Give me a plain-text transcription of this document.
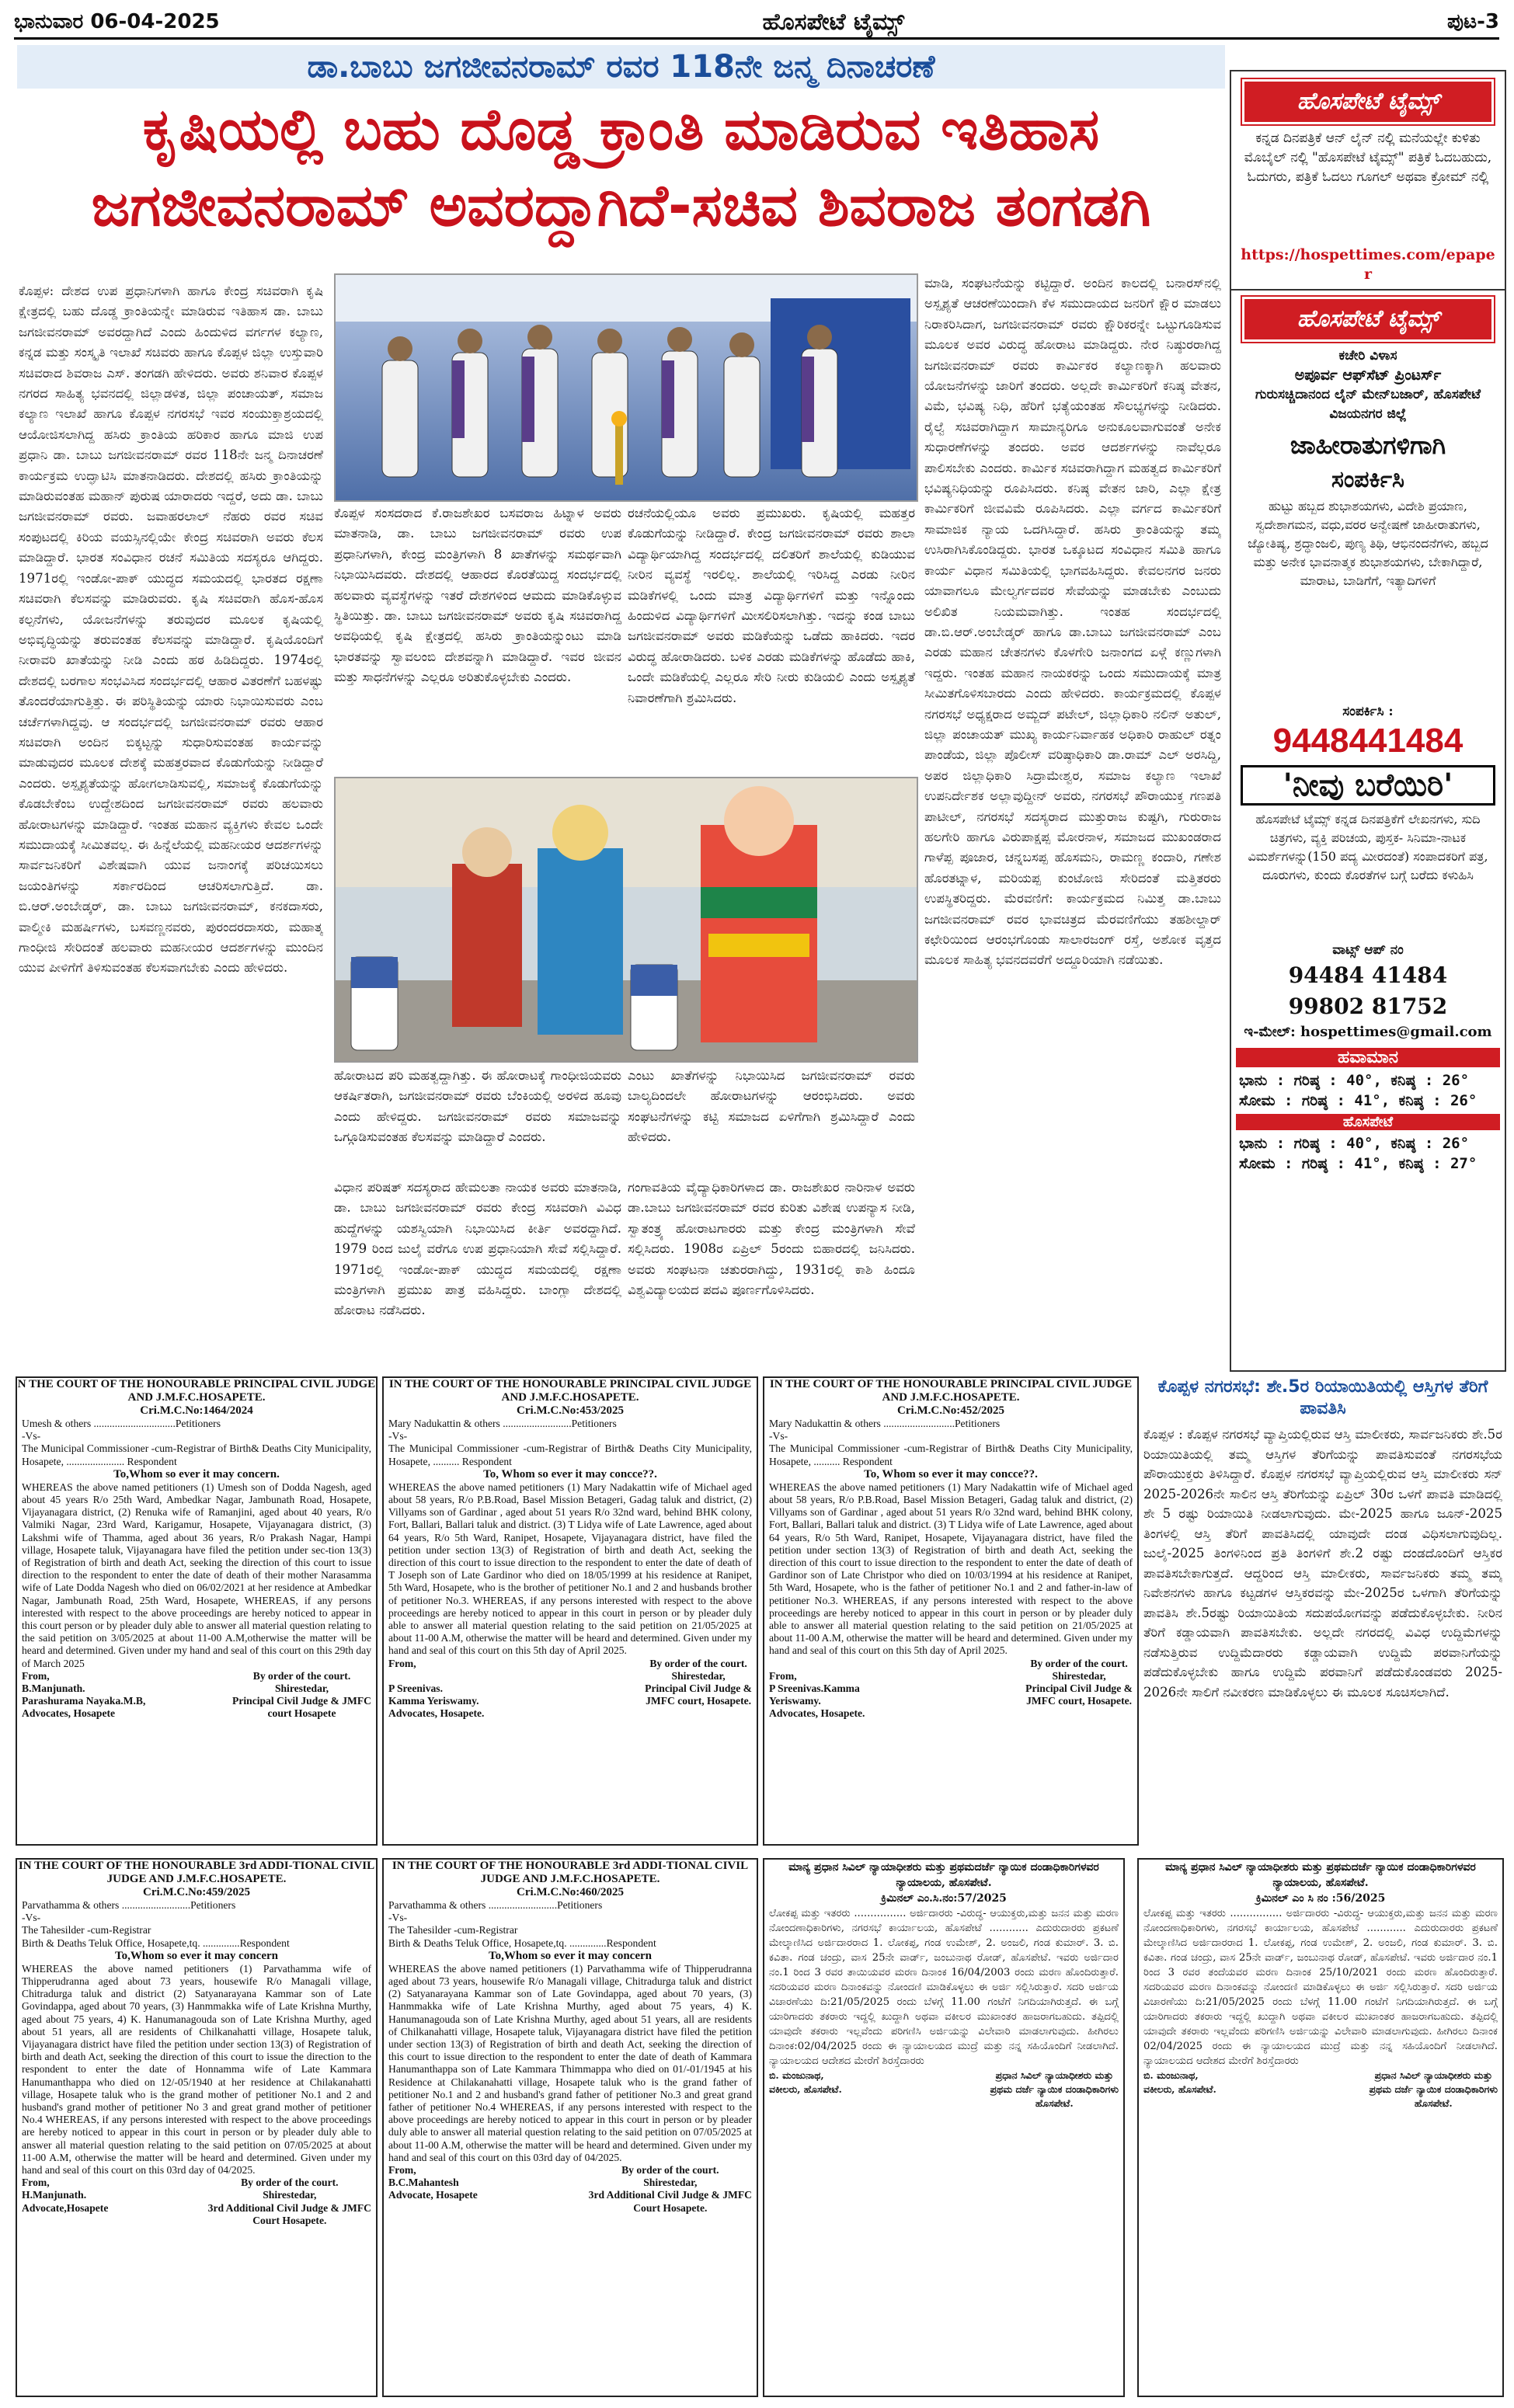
ಭಾನುವಾರ 06-04-2025	ಹೊಸಪೇಟೆ ಟೈಮ್ಸ್	ಪುಟ-3
ಡಾ.ಬಾಬು ಜಗಜೀವನರಾಮ್ ರವರ 118ನೇ ಜನ್ಮ ದಿನಾಚರಣೆ
ಕೃಷಿಯಲ್ಲಿ ಬಹು ದೊಡ್ಡ ಕ್ರಾಂತಿ ಮಾಡಿರುವ ಇತಿಹಾಸ
ಜಗಜೀವನರಾಮ್ ಅವರದ್ದಾಗಿದೆ-ಸಚಿವ ಶಿವರಾಜ ತಂಗಡಗಿ
ಕೊಪ್ಪಳ: ದೇಶದ ಉಪ ಪ್ರಧಾನಿಗಳಾಗಿ ಹಾಗೂ ಕೇಂದ್ರ ಸಚಿವರಾಗಿ ಕೃಷಿ ಕ್ಷೇತ್ರದಲ್ಲಿ ಬಹು ದೊಡ್ಡ ಕ್ರಾಂತಿಯನ್ನೇ ಮಾಡಿರುವ ಇತಿಹಾಸ ಡಾ. ಬಾಬು ಜಗಜೀವನರಾಮ್ ಅವರದ್ದಾಗಿದೆ ಎಂದು ಹಿಂದುಳಿದ ವರ್ಗಗಳ ಕಲ್ಯಾಣ, ಕನ್ನಡ ಮತ್ತು ಸಂಸ್ಕೃತಿ ಇಲಾಖೆ ಸಚಿವರು ಹಾಗೂ ಕೊಪ್ಪಳ ಜಿಲ್ಲಾ ಉಸ್ತುವಾರಿ ಸಚಿವರಾದ ಶಿವರಾಜ ಎಸ್. ತಂಗಡಗಿ ಹೇಳಿದರು. ಅವರು ಶನಿವಾರ ಕೊಪ್ಪಳ ನಗರದ ಸಾಹಿತ್ಯ ಭವನದಲ್ಲಿ ಜಿಲ್ಲಾಡಳಿತ, ಜಿಲ್ಲಾ ಪಂಚಾಯತ್, ಸಮಾಜ ಕಲ್ಯಾಣ ಇಲಾಖೆ ಹಾಗೂ ಕೊಪ್ಪಳ ನಗರಸಭೆ ಇವರ ಸಂಯುಕ್ತಾಶ್ರಯದಲ್ಲಿ ಆಯೋಜಿಸಲಾಗಿದ್ದ ಹಸಿರು ಕ್ರಾಂತಿಯ ಹರಿಕಾರ ಹಾಗೂ ಮಾಜಿ ಉಪ ಪ್ರಧಾನಿ ಡಾ. ಬಾಬು ಜಗಜೀವನರಾಮ್ ರವರ 118ನೇ ಜನ್ಮ ದಿನಾಚರಣೆ ಕಾರ್ಯಕ್ರಮ ಉದ್ಘಾಟಿಸಿ ಮಾತನಾಡಿದರು. ದೇಶದಲ್ಲಿ ಹಸಿರು ಕ್ರಾಂತಿಯನ್ನು ಮಾಡಿರುವಂತಹ ಮಹಾನ್ ಪುರುಷ ಯಾರಾದರು ಇದ್ದರೆ, ಅದು ಡಾ. ಬಾಬು ಜಗಜೀವನರಾಮ್ ರವರು. ಜವಾಹರಲಾಲ್ ನೆಹರು ರವರ ಸಚಿವ ಸಂಪುಟದಲ್ಲಿ ಕಿರಿಯ ವಯಸ್ಸಿನಲ್ಲಿಯೇ ಕೇಂದ್ರ ಸಚಿವರಾಗಿ ಅವರು ಕೆಲಸ ಮಾಡಿದ್ದಾರೆ. ಭಾರತ ಸಂವಿಧಾನ ರಚನೆ ಸಮಿತಿಯ ಸದಸ್ಯರೂ ಆಗಿದ್ದರು. 1971ರಲ್ಲಿ ಇಂಡೋ-ಪಾಕ್ ಯುದ್ಧದ ಸಮಯದಲ್ಲಿ ಭಾರತದ ರಕ್ಷಣಾ ಸಚಿವರಾಗಿ ಕೆಲಸವನ್ನು ಮಾಡಿರುವರು. ಕೃಷಿ ಸಚಿವರಾಗಿ ಹೊಸ-ಹೊಸ ಕಲ್ಪನೆಗಳು, ಯೋಜನೆಗಳನ್ನು ತರುವುದರ ಮೂಲಕ ಕೃಷಿಯಲ್ಲಿ ಅಭಿವೃದ್ಧಿಯನ್ನು ತರುವಂತಹ ಕೆಲಸವನ್ನು ಮಾಡಿದ್ದಾರೆ. ಕೃಷಿಯೊಂದಿಗೆ ನೀರಾವರಿ ಖಾತೆಯನ್ನು ನೀಡಿ ಎಂದು ಹಠ ಹಿಡಿದಿದ್ದರು. 1974ರಲ್ಲಿ ದೇಶದಲ್ಲಿ ಬರಗಾಲ ಸಂಭವಿಸಿದ ಸಂದರ್ಭದಲ್ಲಿ ಆಹಾರ ವಿತರಣೆಗೆ ಬಹಳಷ್ಟು ತೊಂದರೆಯಾಗುತ್ತಿತ್ತು. ಈ ಪರಿಸ್ಥಿತಿಯನ್ನು ಯಾರು ನಿಭಾಯಿಸುವರು ಎಂಬ ಚರ್ಚೆಗಳಾಗಿದ್ದವು. ಆ ಸಂದರ್ಭದಲ್ಲಿ ಜಗಜೀವನರಾಮ್ ರವರು ಆಹಾರ ಸಚಿವರಾಗಿ ಅಂದಿನ ಬಿಕ್ಕಟ್ಟನ್ನು ಸುಧಾರಿಸುವಂತಹ ಕಾರ್ಯವನ್ನು ಮಾಡುವುದರ ಮೂಲಕ ದೇಶಕ್ಕೆ ಮಹತ್ತರವಾದ ಕೊಡುಗೆಯನ್ನು ನೀಡಿದ್ದಾರೆ ಎಂದರು. ಅಸ್ಪೃಶ್ಯತೆಯನ್ನು ಹೋಗಲಾಡಿಸುವಲ್ಲಿ, ಸಮಾಜಕ್ಕೆ ಕೊಡುಗೆಯನ್ನು ಕೊಡಬೇಕೆಂಬ ಉದ್ದೇಶದಿಂದ ಜಗಜೀವನರಾಮ್ ರವರು ಹಲವಾರು ಹೋರಾಟಗಳನ್ನು ಮಾಡಿದ್ದಾರೆ. ಇಂತಹ ಮಹಾನ ವ್ಯಕ್ತಿಗಳು ಕೇವಲ ಒಂದೇ ಸಮುದಾಯಕ್ಕೆ ಸೀಮಿತವಲ್ಲ. ಈ ಹಿನ್ನೆಲೆಯಲ್ಲಿ ಮಹನೀಯರ ಆದರ್ಶಗಳನ್ನು ಸಾರ್ವಜನಿಕರಿಗೆ ವಿಶೇಷವಾಗಿ ಯುವ ಜನಾಂಗಕ್ಕೆ ಪರಿಚಯಿಸಲು ಜಯಂತಿಗಳನ್ನು ಸರ್ಕಾರದಿಂದ ಆಚರಿಸಲಾಗುತ್ತಿದೆ. ಡಾ. ಬಿ.ಆರ್.ಅಂಬೇಡ್ಕರ್, ಡಾ. ಬಾಬು ಜಗಜೀವನರಾಮ್, ಕನಕದಾಸರು, ವಾಲ್ಮೀಕಿ ಮಹರ್ಷಿಗಳು, ಬಸವಣ್ಣನವರು, ಪುರಂದರದಾಸರು, ಮಹಾತ್ಮ ಗಾಂಧೀಜಿ ಸೇರಿದಂತೆ ಹಲವಾರು ಮಹನೀಯರ ಆದರ್ಶಗಳನ್ನು ಮುಂದಿನ ಯುವ ಪೀಳಿಗೆಗೆ ತಿಳಿಸುವಂತಹ ಕೆಲಸವಾಗಬೇಕು ಎಂದು ಹೇಳಿದರು.
ಕೊಪ್ಪಳ ಸಂಸದರಾದ ಕೆ.ರಾಜಶೇಖರ ಬಸವರಾಜ ಹಿಟ್ನಾಳ ಅವರು ಮಾತನಾಡಿ, ಡಾ. ಬಾಬು ಜಗಜೀವನರಾಮ್ ರವರು ಉಪ ಪ್ರಧಾನಿಗಳಾಗಿ, ಕೇಂದ್ರ ಮಂತ್ರಿಗಳಾಗಿ 8 ಖಾತೆಗಳನ್ನು ಸಮರ್ಥವಾಗಿ ನಿಭಾಯಿಸಿದವರು. ದೇಶದಲ್ಲಿ ಆಹಾರದ ಕೊರತೆಯಿದ್ದ ಸಂದರ್ಭದಲ್ಲಿ ಹಲವಾರು ವ್ಯವಸ್ಥೆಗಳನ್ನು ಇತರೆ ದೇಶಗಳಿಂದ ಆಮದು ಮಾಡಿಕೊಳ್ಳುವ ಸ್ಥಿತಿಯಿತ್ತು. ಡಾ. ಬಾಬು ಜಗಜೀವನರಾಮ್ ಅವರು ಕೃಷಿ ಸಚಿವರಾಗಿದ್ದ ಅವಧಿಯಲ್ಲಿ ಕೃಷಿ ಕ್ಷೇತ್ರದಲ್ಲಿ ಹಸಿರು ಕ್ರಾಂತಿಯನ್ನುಂಟು ಮಾಡಿ ಭಾರತವನ್ನು ಸ್ವಾವಲಂಬಿ ದೇಶವನ್ನಾಗಿ ಮಾಡಿದ್ದಾರೆ. ಇವರ ಜೀವನ ಮತ್ತು ಸಾಧನೆಗಳನ್ನು ಎಲ್ಲರೂ ಅರಿತುಕೊಳ್ಳಬೇಕು ಎಂದರು.
ರಚನೆಯಲ್ಲಿಯೂ ಅವರು ಪ್ರಮುಖರು. ಕೃಷಿಯಲ್ಲಿ ಮಹತ್ತರ ಕೊಡುಗೆಯನ್ನು ನೀಡಿದ್ದಾರೆ. ಕೇಂದ್ರ ಜಗಜೀವನರಾಮ್ ರವರು ಶಾಲಾ ವಿದ್ಯಾರ್ಥಿಯಾಗಿದ್ದ ಸಂದರ್ಭದಲ್ಲಿ ದಲಿತರಿಗೆ ಶಾಲೆಯಲ್ಲಿ ಕುಡಿಯುವ ನೀರಿನ ವ್ಯವಸ್ಥೆ ಇರಲಿಲ್ಲ. ಶಾಲೆಯಲ್ಲಿ ಇರಿಸಿದ್ದ ಎರಡು ನೀರಿನ ಮಡಿಕೆಗಳಲ್ಲಿ ಒಂದು ಮಾತ್ರ ವಿದ್ಯಾರ್ಥಿಗಳಿಗೆ ಮತ್ತು ಇನ್ನೊಂದು ಹಿಂದುಳಿದ ವಿದ್ಯಾರ್ಥಿಗಳಿಗೆ ಮೀಸಲಿರಿಸಲಾಗಿತ್ತು. ಇದನ್ನು ಕಂಡ ಬಾಬು ಜಗಜೀವನರಾಮ್ ಅವರು ಮಡಿಕೆಯನ್ನು ಒಡೆದು ಹಾಕಿದರು. ಇದರ ವಿರುದ್ಧ ಹೋರಾಡಿದರು. ಬಳಿಕ ಎರಡು ಮಡಿಕೆಗಳನ್ನು ಹೊಡೆದು ಹಾಕಿ, ಒಂದೇ ಮಡಿಕೆಯಲ್ಲಿ ಎಲ್ಲರೂ ಸೇರಿ ನೀರು ಕುಡಿಯಲಿ ಎಂದು ಅಸ್ಪೃಶ್ಯತೆ ನಿವಾರಣೆಗಾಗಿ ಶ್ರಮಿಸಿದರು.
ಹೋರಾಟದ ಪರಿ ಮಹತ್ವದ್ದಾಗಿತ್ತು. ಈ ಹೋರಾಟಕ್ಕೆ ಗಾಂಧೀಜಿಯವರು ಆಕರ್ಷಿತರಾಗಿ, ಜಗಜೀವನರಾಮ್ ರವರು ಬೆಂಕಿಯಲ್ಲಿ ಅರಳಿದ ಹೂವು ಎಂದು ಹೇಳಿದ್ದರು. ಜಗಜೀವನರಾಮ್ ರವರು ಸಮಾಜವನ್ನು ಒಗ್ಗೂಡಿಸುವಂತಹ ಕೆಲಸವನ್ನು ಮಾಡಿದ್ದಾರೆ ಎಂದರು.
ಎಂಟು ಖಾತೆಗಳನ್ನು ನಿಭಾಯಿಸಿದ ಜಗಜೀವನರಾಮ್ ರವರು ಬಾಲ್ಯದಿಂದಲೇ ಹೋರಾಟಗಳನ್ನು ಆರಂಭಿಸಿದರು. ಅವರು ಸಂಘಟನೆಗಳನ್ನು ಕಟ್ಟಿ ಸಮಾಜದ ಏಳಿಗೆಗಾಗಿ ಶ್ರಮಿಸಿದ್ದಾರೆ ಎಂದು ಹೇಳಿದರು.
ವಿಧಾನ ಪರಿಷತ್ ಸದಸ್ಯರಾದ ಹೇಮಲತಾ ನಾಯಕ ಅವರು ಮಾತನಾಡಿ, ಡಾ. ಬಾಬು ಜಗಜೀವನರಾಮ್ ರವರು ಕೇಂದ್ರ ಸಚಿವರಾಗಿ ವಿವಿಧ ಹುದ್ದೆಗಳನ್ನು ಯಶಸ್ವಿಯಾಗಿ ನಿಭಾಯಿಸಿದ ಕೀರ್ತಿ ಅವರದ್ದಾಗಿದೆ. 1979 ರಿಂದ ಜುಲೈ ವರೆಗೂ ಉಪ ಪ್ರಧಾನಿಯಾಗಿ ಸೇವೆ ಸಲ್ಲಿಸಿದ್ದಾರೆ. 1971ರಲ್ಲಿ ಇಂಡೋ-ಪಾಕ್ ಯುದ್ಧದ ಸಮಯದಲ್ಲಿ ರಕ್ಷಣಾ ಮಂತ್ರಿಗಳಾಗಿ ಪ್ರಮುಖ ಪಾತ್ರ ವಹಿಸಿದ್ದರು. ಬಾಂಗ್ಲಾ ದೇಶದಲ್ಲಿ ಹೋರಾಟ ನಡೆಸಿದರು.
ಗಂಗಾವತಿಯ ವೈದ್ಯಾಧಿಕಾರಿಗಳಾದ ಡಾ. ರಾಜಶೇಖರ ನಾರಿನಾಳ ಅವರು ಡಾ.ಬಾಬು ಜಗಜೀವನರಾಮ್ ರವರ ಕುರಿತು ವಿಶೇಷ ಉಪನ್ಯಾಸ ನೀಡಿ, ಸ್ವಾತಂತ್ರ್ಯ ಹೋರಾಟಗಾರರು ಮತ್ತು ಕೇಂದ್ರ ಮಂತ್ರಿಗಳಾಗಿ ಸೇವೆ ಸಲ್ಲಿಸಿದರು. 1908ರ ಏಪ್ರಿಲ್ 5ರಂದು ಬಿಹಾರದಲ್ಲಿ ಜನಿಸಿದರು. ಅವರು ಸಂಘಟನಾ ಚತುರರಾಗಿದ್ದು, 1931ರಲ್ಲಿ ಕಾಶಿ ಹಿಂದೂ ವಿಶ್ವವಿದ್ಯಾಲಯದ ಪದವಿ ಪೂರ್ಣಗೊಳಿಸಿದರು.
ಮಾಡಿ, ಸಂಘಟನೆಯನ್ನು ಕಟ್ಟಿದ್ದಾರೆ. ಅಂದಿನ ಕಾಲದಲ್ಲಿ ಬನಾರಸ್‌ನಲ್ಲಿ ಅಸ್ಪೃಶ್ಯತೆ ಆಚರಣೆಯಿಂದಾಗಿ ಕೆಳ ಸಮುದಾಯದ ಜನರಿಗೆ ಕ್ಷೌರ ಮಾಡಲು ನಿರಾಕರಿಸಿದಾಗ, ಜಗಜೀವನರಾಮ್ ರವರು ಕ್ಷೌರಿಕರನ್ನೇ ಒಟ್ಟುಗೂಡಿಸುವ ಮೂಲಕ ಅವರ ವಿರುದ್ಧ ಹೋರಾಟ ಮಾಡಿದ್ದರು. ನೇರ ನಿಷ್ಠುರರಾಗಿದ್ದ ಜಗಜೀವನರಾಮ್ ರವರು ಕಾರ್ಮಿಕರ ಕಲ್ಯಾಣಕ್ಕಾಗಿ ಹಲವಾರು ಯೋಜನೆಗಳನ್ನು ಜಾರಿಗೆ ತಂದರು. ಅಲ್ಲದೇ ಕಾರ್ಮಿಕರಿಗೆ ಕನಿಷ್ಠ ವೇತನ, ವಿಮೆ, ಭವಿಷ್ಯ ನಿಧಿ, ಹೆರಿಗೆ ಭತ್ಯೆಯಂತಹ ಸೌಲಭ್ಯಗಳನ್ನು ನೀಡಿದರು. ರೈಲ್ವೆ ಸಚಿವರಾಗಿದ್ದಾಗ ಸಾಮಾನ್ಯರಿಗೂ ಅನುಕೂಲವಾಗುವಂತೆ ಅನೇಕ ಸುಧಾರಣೆಗಳನ್ನು ತಂದರು. ಅವರ ಆದರ್ಶಗಳನ್ನು ನಾವೆಲ್ಲರೂ ಪಾಲಿಸಬೇಕು ಎಂದರು. ಕಾರ್ಮಿಕ ಸಚಿವರಾಗಿದ್ದಾಗ ಮಹತ್ವದ ಕಾರ್ಮಿಕರಿಗೆ ಭವಿಷ್ಯನಿಧಿಯನ್ನು ರೂಪಿಸಿದರು. ಕನಿಷ್ಠ ವೇತನ ಜಾರಿ, ಎಲ್ಲಾ ಕ್ಷೇತ್ರ ಕಾರ್ಮಿಕರಿಗೆ ಜೀವವಿಮೆ ರೂಪಿಸಿದರು. ಎಲ್ಲಾ ವರ್ಗದ ಕಾರ್ಮಿಕರಿಗೆ ಸಾಮಾಜಿಕ ನ್ಯಾಯ ಒದಗಿಸಿದ್ದಾರೆ. ಹಸಿರು ಕ್ರಾಂತಿಯನ್ನು ತಮ್ಮ ಉಸಿರಾಗಿಸಿಕೊಂಡಿದ್ದರು. ಭಾರತ ಒಕ್ಕೂಟದ ಸಂವಿಧಾನ ಸಮಿತಿ ಹಾಗೂ ಕಾರ್ಯ ವಿಧಾನ ಸಮಿತಿಯಲ್ಲಿ ಭಾಗವಹಿಸಿದ್ದರು. ಕೇವಲನಗರ ಜನರು ಯಾವಾಗಲೂ ಮೇಲ್ವರ್ಗದವರ ಸೇವೆಯನ್ನು ಮಾಡಬೇಕು ಎಂಬುದು ಅಲಿಖಿತ ನಿಯಮವಾಗಿತ್ತು. ಇಂತಹ ಸಂದರ್ಭದಲ್ಲಿ ಡಾ.ಬಿ.ಆರ್.ಅಂಬೇಡ್ಕರ್ ಹಾಗೂ ಡಾ.ಬಾಬು ಜಗಜೀವನರಾಮ್ ಎಂಬ ಎರಡು ಮಹಾನ ಚೇತನಗಳು ಕೊಳಗೇರಿ ಜನಾಂಗದ ಏಳ್ಗೆ ಕಣ್ಣುಗಳಾಗಿ ಇದ್ದರು. ಇಂತಹ ಮಹಾನ ನಾಯಕರನ್ನು ಒಂದು ಸಮುದಾಯಕ್ಕೆ ಮಾತ್ರ ಸೀಮಿತಗೊಳಿಸಬಾರದು ಎಂದು ಹೇಳಿದರು. ಕಾರ್ಯಕ್ರಮದಲ್ಲಿ ಕೊಪ್ಪಳ ನಗರಸಭೆ ಅಧ್ಯಕ್ಷರಾದ ಅಮ್ಜದ್ ಪಟೇಲ್, ಜಿಲ್ಲಾಧಿಕಾರಿ ನಲಿನ್ ಅತುಲ್, ಜಿಲ್ಲಾ ಪಂಚಾಯತ್ ಮುಖ್ಯ ಕಾರ್ಯನಿರ್ವಾಹಕ ಅಧಿಕಾರಿ ರಾಹುಲ್ ರತ್ನಂ ಪಾಂಡೆಯ, ಜಿಲ್ಲಾ ಪೊಲೀಸ್ ವರಿಷ್ಠಾಧಿಕಾರಿ ಡಾ.ರಾಮ್ ಎಲ್ ಅರಸಿದ್ದಿ, ಅಪರ ಜಿಲ್ಲಾಧಿಕಾರಿ ಸಿದ್ರಾಮೇಶ್ವರ, ಸಮಾಜ ಕಲ್ಯಾಣ ಇಲಾಖೆ ಉಪನಿರ್ದೇಶಕ ಅಲ್ಲಾವುದ್ದೀನ್ ಅವರು, ನಗರಸಭೆ ಪೌರಾಯುಕ್ತ ಗಣಪತಿ ಪಾಟೀಲ್, ನಗರಸಭೆ ಸದಸ್ಯರಾದ ಮುತ್ತುರಾಜ ಕುಷ್ಟಗಿ, ಗುರುರಾಜ ಹಲಗೇರಿ ಹಾಗೂ ವಿರುಪಾಕ್ಷಪ್ಪ ಮೋರನಾಳ, ಸಮಾಜದ ಮುಖಂಡರಾದ ಗಾಳೆಪ್ಪ ಪೂಜಾರ, ಚನ್ನಬಸಪ್ಪ ಹೊಸಮನಿ, ರಾಮಣ್ಣ ಕಂದಾರಿ, ಗಣೇಶ ಹೊರತಟ್ನಾಳ, ಮರಿಯಪ್ಪ ಕುಂಟೋಜಿ ಸೇರಿದಂತೆ ಮತ್ತಿತರರು ಉಪಸ್ಥಿತರಿದ್ದರು. ಮೆರವಣಿಗೆ: ಕಾರ್ಯಕ್ರಮದ ನಿಮಿತ್ತ ಡಾ.ಬಾಬು ಜಗಜೀವನರಾಮ್ ರವರ ಭಾವಚಿತ್ರದ ಮೆರವಣಿಗೆಯು ತಹಶೀಲ್ದಾರ್ ಕಛೇರಿಯಿಂದ ಆರಂಭಗೊಂಡು ಸಾಲಾರಜಂಗ್ ರಸ್ತೆ, ಅಶೋಕ ವೃತ್ತದ ಮೂಲಕ ಸಾಹಿತ್ಯ ಭವನದವರೆಗೆ ಅದ್ದೂರಿಯಾಗಿ ನಡೆಯಿತು.
ಹೊಸಪೇಟೆ ಟೈಮ್ಸ್
ಕನ್ನಡ ದಿನಪತ್ರಿಕೆ ಆನ್ ಲೈನ್ ನಲ್ಲಿ ಮನೆಯಲ್ಲೇ ಕುಳಿತು ಮೊಬೈಲ್ ನಲ್ಲಿ "ಹೊಸಪೇಟೆ ಟೈಮ್ಸ್" ಪತ್ರಿಕೆ ಓದಬಹುದು, ಓದುಗರು, ಪತ್ರಿಕೆ ಓದಲು ಗೂಗಲ್ ಅಥವಾ ಕ್ರೋಮ್ ನಲ್ಲಿ
https://hospettimes.com/epaper
ಹೊಸಪೇಟೆ ಟೈಮ್ಸ್
ಕಚೇರಿ ವಿಳಾಸ
ಅಪೂರ್ವ ಆಫ್‌ಸೆಟ್ ಪ್ರಿಂಟರ್ಸ್
ಗುರುಸಚ್ಚಿದಾನಂದ ಲೈನ್ ಮೇನ್‌ಬಜಾರ್, ಹೊಸಪೇಟೆ ವಿಜಯನಗರ ಜಿಲ್ಲೆ
ಜಾಹೀರಾತುಗಳಿಗಾಗಿ
ಸಂಪರ್ಕಿಸಿ
ಹುಟ್ಟು ಹಬ್ಬದ ಶುಭಾಶಯಗಳು, ವಿದೇಶಿ ಪ್ರಯಾಣ, ಸ್ವದೇಶಾಗಮನ, ವಧು,ವರರ ಅನ್ವೇಷಣೆ ಜಾಹೀರಾತುಗಳು, ಜ್ಯೋತಿಷ್ಯ, ಶ್ರದ್ಧಾಂಜಲಿ, ಪುಣ್ಯ ತಿಥಿ, ಆಭಿನಂದನೆಗಳು, ಹಬ್ಬದ ಮತ್ತು ಅನೇಕ ಭಾವನಾತ್ಮಕ ಶುಭಾಶಯಗಳು, ಬೇಕಾಗಿದ್ದಾರೆ, ಮಾರಾಟ, ಬಾಡಿಗೆಗೆ, ಇತ್ಯಾದಿಗಳಿಗೆ
ಸಂಪರ್ಕಿಸಿ :
9448441484
'ನೀವು ಬರೆಯಿರಿ'
ಹೊಸಪೇಟೆ ಟೈಮ್ಸ್ ಕನ್ನಡ ದಿನಪತ್ರಿಕೆಗೆ ಲೇಖನಗಳು, ಸುದಿ ಚಿತ್ರಗಳು, ವ್ಯಕ್ತಿ ಪರಿಚಯ, ಪುಸ್ತಕ- ಸಿನಿಮಾ-ನಾಟಕ ವಿಮರ್ಶೆಗಳನ್ನು(150 ಪದ್ಯ ಮೀರದಂತೆ) ಸಂಪಾದಕರಿಗೆ ಪತ್ರ, ದೂರುಗಳು, ಕುಂದು ಕೊರತೆಗಳ ಬಗ್ಗೆ ಬರೆದು ಕಳುಹಿಸಿ
ವಾಟ್ಸ್ ಆಪ್ ನಂ
94484 41484
99802 81752
ಇ-ಮೇಲ್: hospettimes@gmail.com
ಹವಾಮಾನ
ಭಾನು : ಗರಿಷ್ಠ : 40°, ಕನಿಷ್ಠ : 26°
ಸೋಮ : ಗರಿಷ್ಠ : 41°, ಕನಿಷ್ಠ : 26°
ಹೊಸಪೇಟೆ
ಭಾನು : ಗರಿಷ್ಠ : 40°, ಕನಿಷ್ಠ : 26°
ಸೋಮ : ಗರಿಷ್ಠ : 41°, ಕನಿಷ್ಠ : 27°
N THE COURT OF THE HONOURABLE PRINCIPAL CIVIL JUDGE AND J.M.F.C.HOSAPETE.
Cri.M.C.No:1464/2024
Umesh & others ...............................Petitioners
-Vs-
The Municipal Commissioner -cum-Registrar of Birth& Deaths City Municipality, Hosapete, ...................... Respondent
To,Whom so ever it may concern.
WHEREAS the above named petitioners (1) Umesh son of Dodda Nagesh, aged about 45 years R/o 25th Ward, Ambedkar Nagar, Jambunath Road, Hosapete, Vijayanagara district, (2) Renuka wife of Ramanjini, aged about 40 years, R/o Valmiki Nagar, 23rd Ward, Karigamur, Hosapete, Vijayanagara district, (3) Lakshmi wife of Thamma, aged about 36 years, R/o Prakash Nagar, Hampi village, Hosapete taluk, Vijayanagara have filed the petition under sec-tion 13(3) of Registration of birth and death Act, seeking the direction of this court to issue direction to the respondent to enter the date of death of their mother Narasamma wife of Late Dodda Nagesh who died on 06/02/2021 at her residence at Ambedkar Nagar, Jambunath Road, 25th Ward, Hosapete, WHEREAS, if any persons interested with respect to the above proceedings are hereby noticed to appear in this court person or by pleader duly able to answer all material question relating to the said petition on 3/05/2025 at about 11-00 A.M,otherwise the matter will be heard and determined. Given under my hand and seal of this court on this 29th day of March 2025
From,
B.Manjunath.
Parashurama Nayaka.M.B,
Advocates, Hosapete
By order of the court.
Shirestedar,
Principal Civil Judge & JMFC
court Hosapete
IN THE COURT OF THE HONOURABLE PRINCIPAL CIVIL JUDGE AND J.M.F.C.HOSAPETE.
Cri.M.C.No:453/2025
Mary Nadukattin & others ..........................Petitioners
-Vs-
The Municipal Commissioner -cum-Registrar of Birth& Deaths City Municipality, Hosapete, .......... Respondent
To, Whom so ever it may concce??.
WHEREAS the above named petitioners (1) Mary Nadakattin wife of Michael aged about 58 years, R/o P.B.Road, Basel Mission Betageri, Gadag taluk and district, (2) Villyams son of Gardinar , aged about 51 years R/o 32nd ward, behind BHK colony, Fort, Ballari, Ballari taluk and district. (3) T Lidya wife of Late Lawrence, aged about 64 years, R/o 5th Ward, Ranipet, Hosapete, Vijayanagara district, have filed the petition under section 13(3) of Registration of birth and death Act, seeking the direction of this court to issue direction to the respondent to enter the date of death of T Joseph son of Late Gardinor who died on 18/05/1999 at his residence at Ranipet, 5th Ward, Hosapete, who is the brother of petitioner No.1 and 2 and husbands brother of petitioner No.3. WHEREAS, if any persons interested with respect to the above proceedings are hereby noticed to appear in this court in person or by pleader duly able to answer all material question relating to the said petition on 21/05/2025 at about 11-00 A.M, otherwise the matter will be heard and determined. Given under my hand and seal of this court on this 5th day of April 2025.
From,

P Sreenivas.
Kamma Yeriswamy.
Advocates, Hosapete.
By order of the court.
Shirestedar,
Principal Civil Judge &
JMFC court, Hosapete.
IN THE COURT OF THE HONOURABLE PRINCIPAL CIVIL JUDGE AND J.M.F.C.HOSAPETE.
Cri.M.C.No:452/2025
Mary Nadukattin & others ...........................Petitioners
-Vs-
The Municipal Commissioner -cum-Registrar of Birth& Deaths City Municipality, Hosapete, .......... Respondent
To, Whom so ever it may concce??.
WHEREAS the above named petitioners (1) Mary Nadakattin wife of Michael aged about 58 years, R/o P.B.Road, Basel Mission Betageri, Gadag taluk and district, (2) Villyams son of Gardinar , aged about 51 years R/o 32nd ward, behind BHK colony, Fort, Ballari, Ballari taluk and district. (3) T Lidya wife of Late Lawrence, aged about 64 years, R/o 5th Ward, Ranipet, Hosapete, Vijayanagara district, have filed the petition under section 13(3) of Registration of birth and death Act, seeking the direction of this court to issue direction to the respondent to enter the date of death of Gardinor son of Late Christpor who died on 10/03/1994 at his residence at Ranipet, 5th Ward, Hosapete, who is the father of petitioner No.1 and 2 and father-in-law of petitioner No.3. WHEREAS, if any persons interested with respect to the above proceedings are hereby noticed to appear in this court in person or by pleader duly able to answer all material question relating to the said petition on 21/05/2025 at about 11-00 A.M, otherwise the matter will be heard and determined. Given under my hand and seal of this court on this 5th day of April 2025.

From,
P Sreenivas.Kamma
Yeriswamy.
Advocates, Hosapete.
By order of the court.
Shirestedar,
Principal Civil Judge &
JMFC court, Hosapete.
ಕೊಪ್ಪಳ ನಗರಸಭೆ: ಶೇ.5ರ ರಿಯಾಯಿತಿಯಲ್ಲಿ ಆಸ್ತಿಗಳ ತೆರಿಗೆ ಪಾವತಿಸಿ
ಕೊಪ್ಪಳ : ಕೊಪ್ಪಳ ನಗರಸಭೆ ವ್ಯಾಪ್ತಿಯಲ್ಲಿರುವ ಆಸ್ತಿ ಮಾಲೀಕರು, ಸಾರ್ವಜನಿಕರು ಶೇ.5ರ ರಿಯಾಯಿತಿಯಲ್ಲಿ ತಮ್ಮ ಆಸ್ತಿಗಳ ತೆರಿಗೆಯನ್ನು ಪಾವತಿಸುವಂತೆ ನಗರಸಭೆಯ ಪೌರಾಯುಕ್ತರು ತಿಳಿಸಿದ್ದಾರೆ. ಕೊಪ್ಪಳ ನಗರಸಭೆ ವ್ಯಾಪ್ತಿಯಲ್ಲಿರುವ ಆಸ್ತಿ ಮಾಲೀಕರು ಸನ್ 2025-2026ನೇ ಸಾಲಿನ ಆಸ್ತಿ ತೆರಿಗೆಯನ್ನು ಏಪ್ರಿಲ್ 30ರ ಒಳಗೆ ಪಾವತಿ ಮಾಡಿದಲ್ಲಿ ಶೇ 5 ರಷ್ಟು ರಿಯಾಯಿತಿ ನೀಡಲಾಗುವುದು. ಮೇ-2025 ಹಾಗೂ ಜೂನ್-2025 ತಿಂಗಳಲ್ಲಿ ಆಸ್ತಿ ತೆರಿಗೆ ಪಾವತಿಸಿದಲ್ಲಿ ಯಾವುದೇ ದಂಡ ವಿಧಿಸಲಾಗುವುದಿಲ್ಲ. ಜುಲೈ-2025 ತಿಂಗಳಿನಿಂದ ಪ್ರತಿ ತಿಂಗಳಿಗೆ ಶೇ.2 ರಷ್ಟು ದಂಡದೊಂದಿಗೆ ಆಸ್ತಿಕರ ಪಾವತಿಸಬೇಕಾಗುತ್ತದೆ. ಆದ್ದರಿಂದ ಆಸ್ತಿ ಮಾಲೀಕರು, ಸಾರ್ವಜನಿಕರು ತಮ್ಮ ತಮ್ಮ ನಿವೇಶನಗಳು ಹಾಗೂ ಕಟ್ಟಡಗಳ ಆಸ್ತಿಕರವನ್ನು ಮೇ-2025ರ ಒಳಗಾಗಿ ತೆರಿಗೆಯನ್ನು ಪಾವತಿಸಿ ಶೇ.5ರಷ್ಟು ರಿಯಾಯಿತಿಯ ಸದುಪಯೋಗವನ್ನು ಪಡೆದುಕೊಳ್ಳಬೇಕು. ನೀರಿನ ತೆರಿಗೆ ಕಡ್ಡಾಯವಾಗಿ ಪಾವತಿಸಬೇಕು. ಅಲ್ಲದೇ ನಗರದಲ್ಲಿ ವಿವಿಧ ಉದ್ದಿಮೆಗಳನ್ನು ನಡೆಸುತ್ತಿರುವ ಉದ್ದಿಮೆದಾರರು ಕಡ್ಡಾಯವಾಗಿ ಉದ್ದಿಮೆ ಪರವಾನಿಗೆಯನ್ನು ಪಡೆದುಕೊಳ್ಳಬೇಕು ಹಾಗೂ ಉದ್ದಿಮೆ ಪರವಾನಿಗೆ ಪಡೆದುಕೊಂಡವರು 2025-2026ನೇ ಸಾಲಿಗೆ ನವೀಕರಣ ಮಾಡಿಕೊಳ್ಳಲು ಈ ಮೂಲಕ ಸೂಚಿಸಲಾಗಿದೆ.
IN THE COURT OF THE HONOURABLE 3rd ADDI-TIONAL CIVIL JUDGE AND J.M.F.C.HOSAPETE.
Cri.M.C.No:459/2025
Parvathamma & others ..........................Petitioners
-Vs-
The Tahesilder -cum-Registrar
Birth & Deaths Teluk Office, Hosapete,tq. ..............Respondent
To,Whom so ever it may concern
WHEREAS the above named petitioners (1) Parvathamma wife of Thipperudranna aged about 73 years, housewife R/o Managali village, Chitradurga taluk and district (2) Satyanarayana Kammar son of Late Govindappa, aged about 70 years, (3) Hanmmakka wife of Late Krishna Murthy, aged about 75 years, 4) K. Hanumanagouda son of Late Krishna Murthy, aged about 51 years, all are residents of Chilkanahatti village, Hosapete taluk, Vijayanagara district have filed the petition under section 13(3) of Registration of birth and death Act, seeking the direction of this court to issue the direction to the respondent to enter the date of Honnamma wife of Late Kammara Hanumanthappa who died on 12/-05/1940 at her residence at Chilakanahatti village, Hosapete taluk who is the grand mother of petitioner No.1 and 2 and husband's grand mother of petitioner No 3 and great grand mother of petitioner No.4 WHEREAS, if any persons interested with respect to the above proceedings are hereby noticed to appear in this court in person or by pleader duly able to answer all material question relating to the said petition on 07/05/2025 at about 11-00 A.M, otherwise the matter will be heard and determined. Given under my hand and seal of this court on this 03rd day of 04/2025.
From,
H.Manjunath.
Advocate,Hosapete
By order of the court.
Shirestedar,
3rd Additional Civil Judge & JMFC
Court Hosapete.
IN THE COURT OF THE HONOURABLE 3rd ADDI-TIONAL CIVIL JUDGE AND J.M.F.C.HOSAPETE.
Cri.M.C.No:460/2025
Parvathamma & others ..........................Petitioners
-Vs-
The Tahesilder -cum-Registrar
Birth & Deaths Teluk Office, Hosapete,tq. ..............Respondent
To,Whom so ever it may concern
WHEREAS the above named petitioners (1) Parvathamma wife of Thipperudranna aged about 73 years, housewife R/o Managali village, Chitradurga taluk and district (2) Satyanarayana Kammar son of Late Govindappa, aged about 70 years, (3) Hanmmakka wife of Late Krishna Murthy, aged about 75 years, 4) K. Hanumanagouda son of Late Krishna Murthy, aged about 51 years, all are residents of Chilkanahatti village, Hosapete taluk, Vijayanagara district have filed the petition under section 13(3) of Registration of birth and death Act, seeking the direction of this court to issue direction to the respondent to enter the date of death of Kammara Hanumanthappa son of Late Kammara Thimmappa who died on 01/-01/1945 at his Residence at Chilakanahatti village, Hosapete taluk who is the grand father of petitioner No.1 and 2 and husband's grand father of petitioner No.3 and great grand father of petitioner No.4 WHEREAS, if any persons interested with respect to the above proceedings are hereby noticed to appear in this court in person or by pleader duly able to answer all material question relating to the said petition on 07/05/2025 at about 11-00 A.M, otherwise the matter will be heard and determined. Given under my hand and seal of this court on this 03rd day of 04/2025.
From,
B.C.Mahantesh
Advocate, Hosapete
By order of the court.
Shirestedar,
3rd Additional Civil Judge & JMFC
Court Hosapete.
ಮಾನ್ಯ ಪ್ರಧಾನ ಸಿವಿಲ್ ನ್ಯಾಯಾಧೀಶರು ಮತ್ತು ಪ್ರಥಮದರ್ಜೆ ನ್ಯಾಯಿಕ ದಂಡಾಧಿಕಾರಿಗಳವರ ನ್ಯಾಯಾಲಯ, ಹೊಸಪೇಟೆ.
ಕ್ರಿಮಿನಲ್ ಎಂ.ಸಿ.ನಂ:57/2025
ಲೋಕಪ್ಪ ಮತ್ತು ಇತರರು ................ ಅರ್ಜಿದಾರರು -ವಿರುದ್ಧ- ಆಯುಕ್ತರು,ಮತ್ತು ಜನನ ಮತ್ತು ಮರಣ ನೋಂದಣಾಧಿಕಾರಿಗಳು, ನಗರಸಭೆ ಕಾರ್ಯಾಲಯ, ಹೊಸಪೇಟೆ ............ ಎದುರುದಾರರು ಪ್ರಕಟಣೆ ಮೇಲ್ಕಾಣಿಸಿದ ಅರ್ಜಿದಾರರಾದ 1. ಲೋಕಪ್ಪ, ಗಂಡ ಉಮೇಶ್, 2. ಅಂಜಲಿ, ಗಂಡ ಕುಮಾರ್. 3. ಬಿ. ಕವಿತಾ. ಗಂಡ ಚಂದ್ರು, ವಾಸ 25ನೇ ವಾರ್ಡ್, ಜಂಬುನಾಥ ರೋಡ್, ಹೊಸಪೇಟೆ. ಇವರು ಅರ್ಜಿದಾರ ನಂ.1 ರಿಂದ 3 ರವರ ತಾಯಿಯವರ ಮರಣ ದಿನಾಂಕ 16/04/2003 ರಂದು ಮರಣ ಹೊಂದಿರುತ್ತಾರೆ. ಸದರಿಯವರ ಮರಣ ದಿನಾಂಕವನ್ನು ನೋಂದಣಿ ಮಾಡಿಕೊಳ್ಳಲು ಈ ಅರ್ಜಿ ಸಲ್ಲಿಸಿರುತ್ತಾರೆ. ಸದರಿ ಅರ್ಜಿಯ ವಿಚಾರಣೆಯು ದಿ:21/05/2025 ರಂದು ಬೆಳಗ್ಗೆ 11.00 ಗಂಟೆಗೆ ನಿಗದಿಯಾಗಿರುತ್ತದೆ. ಈ ಬಗ್ಗೆ ಯಾರಿಗಾದರು ತಕರಾರು ಇದ್ದಲ್ಲಿ ಖುದ್ದಾಗಿ ಅಥವಾ ವಕೀಲರ ಮುಖಾಂತರ ಹಾಜರಾಗಬಹುದು. ತಪ್ಪಿದಲ್ಲಿ ಯಾವುದೇ ತಕರಾರು ಇಲ್ಲವೆಂದು ಪರಿಗಣಿಸಿ ಅರ್ಜಿಯನ್ನು ವಿಲೇವಾರಿ ಮಾಡಲಾಗುವುದು. ಹೀಗಿರಲು ದಿನಾಂಕ:02/04/2025 ರಂದು ಈ ನ್ಯಾಯಾಲಯದ ಮುದ್ರೆ ಮತ್ತು ನನ್ನ ಸಹಿಯೊಂದಿಗೆ ನೀಡಲಾಗಿದೆ. ನ್ಯಾಯಾಲಯದ ಆದೇಶದ ಮೇರೆಗೆ ಶಿರಸ್ತೆದಾರರು
ಬಿ. ಮಂಜುನಾಥ,
ವಕೀಲರು, ಹೊಸಪೇಟೆ.
ಪ್ರಧಾನ ಸಿವಿಲ್ ನ್ಯಾಯಾಧೀಶರು ಮತ್ತು
ಪ್ರಥಮ ದರ್ಜೆ ನ್ಯಾಯಿಕ ದಂಡಾಧಿಕಾರಿಗಳು
ಹೊಸಪೇಟೆ.
ಮಾನ್ಯ ಪ್ರಧಾನ ಸಿವಿಲ್ ನ್ಯಾಯಾಧೀಶರು ಮತ್ತು ಪ್ರಥಮದರ್ಜೆ ನ್ಯಾಯಿಕ ದಂಡಾಧಿಕಾರಿಗಳವರ ನ್ಯಾಯಾಲಯ, ಹೊಸಪೇಟೆ.
ಕ್ರಿಮಿನಲ್ ಎಂ ಸಿ ನಂ :56/2025
ಲೋಕಪ್ಪ ಮತ್ತು ಇತರರು ................ ಅರ್ಜಿದಾರರು -ವಿರುದ್ಧ- ಆಯುಕ್ತರು,ಮತ್ತು ಜನನ ಮತ್ತು ಮರಣ ನೋಂದಣಾಧಿಕಾರಿಗಳು, ನಗರಸಭೆ ಕಾರ್ಯಾಲಯ, ಹೊಸಪೇಟೆ ............ ಎದುರುದಾರರು ಪ್ರಕಟಣೆ ಮೇಲ್ಕಾಣಿಸಿದ ಅರ್ಜಿದಾರರಾದ 1. ಲೋಕಪ್ಪ, ಗಂಡ ಉಮೇಶ್, 2. ಅಂಜಲಿ, ಗಂಡ ಕುಮಾರ್. 3. ಬಿ. ಕವಿತಾ. ಗಂಡ ಚಂದ್ರು, ವಾಸ 25ನೇ ವಾರ್ಡ್, ಜಂಬುನಾಥ ರೋಡ್, ಹೊಸಪೇಟೆ. ಇವರು ಅರ್ಜಿದಾರ ನಂ.1 ರಿಂದ 3 ರವರ ತಂದೆಯವರ ಮರಣ ದಿನಾಂಕ 25/10/2021 ರಂದು ಮರಣ ಹೊಂದಿರುತ್ತಾರೆ. ಸದರಿಯವರ ಮರಣ ದಿನಾಂಕವನ್ನು ನೋಂದಣಿ ಮಾಡಿಕೊಳ್ಳಲು ಈ ಅರ್ಜಿ ಸಲ್ಲಿಸಿರುತ್ತಾರೆ. ಸದರಿ ಅರ್ಜಿಯ ವಿಚಾರಣೆಯು ದಿ:21/05/2025 ರಂದು ಬೆಳಗ್ಗೆ 11.00 ಗಂಟೆಗೆ ನಿಗದಿಯಾಗಿರುತ್ತದೆ. ಈ ಬಗ್ಗೆ ಯಾರಿಗಾದರು ತಕರಾರು ಇದ್ದಲ್ಲಿ ಖುದ್ದಾಗಿ ಅಥವಾ ವಕೀಲರ ಮುಖಾಂತರ ಹಾಜರಾಗಬಹುದು. ತಪ್ಪಿದಲ್ಲಿ ಯಾವುದೇ ತಕರಾರು ಇಲ್ಲವೆಂದು ಪರಿಗಣಿಸಿ ಅರ್ಜಿಯನ್ನು ವಿಲೇವಾರಿ ಮಾಡಲಾಗುವುದು. ಹೀಗಿರಲು ದಿನಾಂಕ 02/04/2025 ರಂದು ಈ ನ್ಯಾಯಾಲಯದ ಮುದ್ರೆ ಮತ್ತು ನನ್ನ ಸಹಿಯೊಂದಿಗೆ ನೀಡಲಾಗಿದೆ. ನ್ಯಾಯಾಲಯದ ಆದೇಶದ ಮೇರೆಗೆ ಶಿರಸ್ತೆದಾರರು
ಬಿ. ಮಂಜುನಾಥ,
ವಕೀಲರು, ಹೊಸಪೇಟೆ.
ಪ್ರಧಾನ ಸಿವಿಲ್ ನ್ಯಾಯಾಧೀಶರು ಮತ್ತು
ಪ್ರಥಮ ದರ್ಜೆ ನ್ಯಾಯಿಕ ದಂಡಾಧಿಕಾರಿಗಳು
ಹೊಸಪೇಟೆ.
